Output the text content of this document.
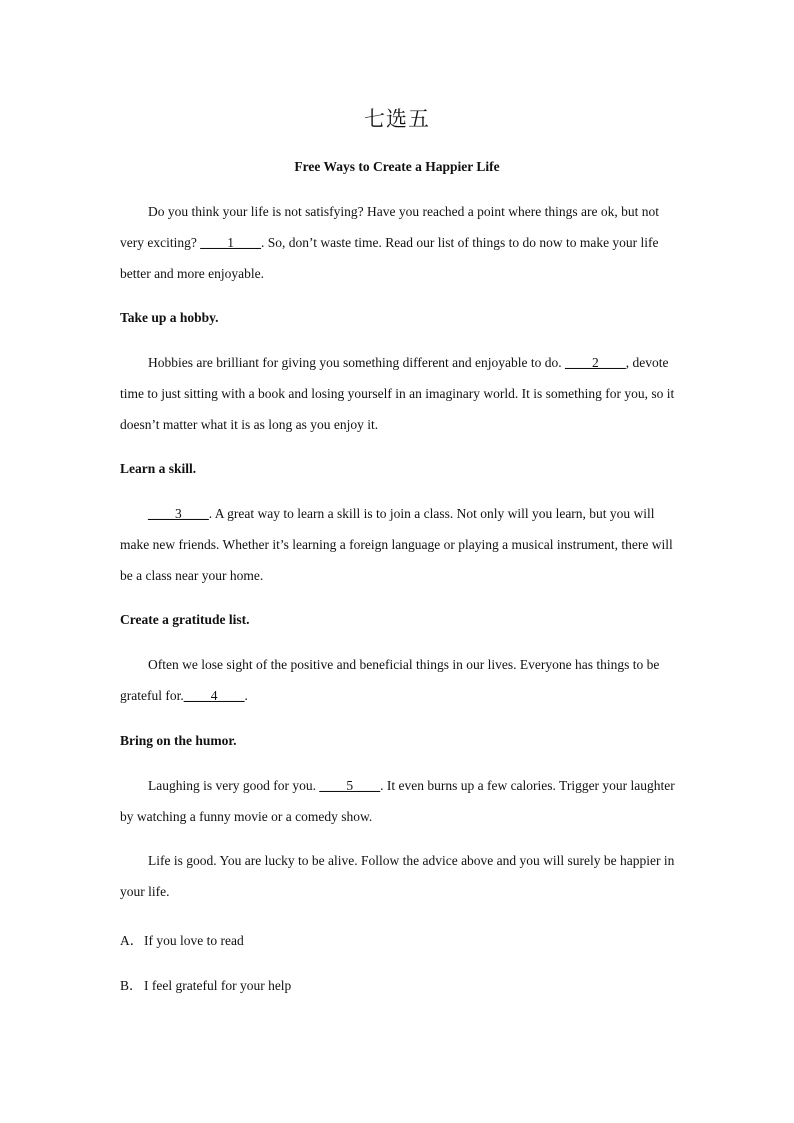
七选五
Free Ways to Create a Happier Life
Do you think your life is not satisfying? Have you reached a point where things are ok, but not very exciting? ____1____. So, don’t waste time. Read our list of things to do now to make your life better and more enjoyable.
Take up a hobby.
Hobbies are brilliant for giving you something different and enjoyable to do. ____2____, devote time to just sitting with a book and losing yourself in an imaginary world. It is something for you, so it doesn’t matter what it is as long as you enjoy it.
Learn a skill.
____3____. A great way to learn a skill is to join a class. Not only will you learn, but you will make new friends. Whether it’s learning a foreign language or playing a musical instrument, there will be a class near your home.
Create a gratitude list.
Often we lose sight of the positive and beneficial things in our lives. Everyone has things to be grateful for.____4____.
Bring on the humor.
Laughing is very good for you. ____5____. It even burns up a few calories. Trigger your laughter by watching a funny movie or a comedy show.
Life is good. You are lucky to be alive. Follow the advice above and you will surely be happier in your life.
A．If you love to read
B．I feel grateful for your help
